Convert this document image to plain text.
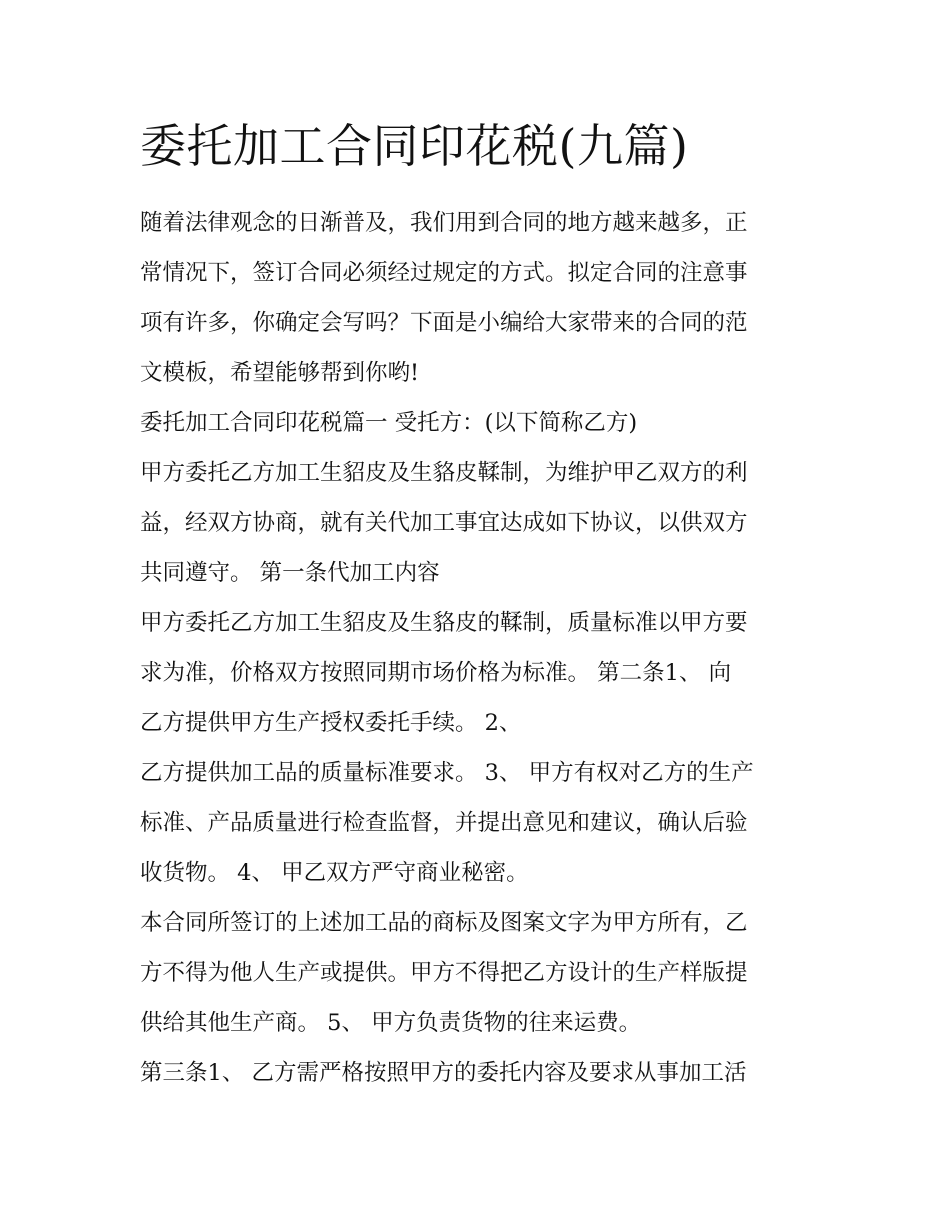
委托加工合同印花税(九篇)
随着法律观念的日渐普及，我们用到合同的地方越来越多，正
常情况下，签订合同必须经过规定的方式。拟定合同的注意事
项有许多，你确定会写吗？下面是小编给大家带来的合同的范
文模板，希望能够帮到你哟!
委托加工合同印花税篇一 受托方：(以下简称乙方)
甲方委托乙方加工生貂皮及生貉皮鞣制，为维护甲乙双方的利
益，经双方协商，就有关代加工事宜达成如下协议，以供双方
共同遵守。 第一条代加工内容
甲方委托乙方加工生貂皮及生貉皮的鞣制，质量标准以甲方要
求为准，价格双方按照同期市场价格为标准。 第二条1、 向
乙方提供甲方生产授权委托手续。 2、
乙方提供加工品的质量标准要求。 3、 甲方有权对乙方的生产
标准、产品质量进行检查监督，并提出意见和建议，确认后验
收货物。 4、 甲乙双方严守商业秘密。
本合同所签订的上述加工品的商标及图案文字为甲方所有，乙
方不得为他人生产或提供。甲方不得把乙方设计的生产样版提
供给其他生产商。 5、 甲方负责货物的往来运费。
第三条1、 乙方需严格按照甲方的委托内容及要求从事加工活
